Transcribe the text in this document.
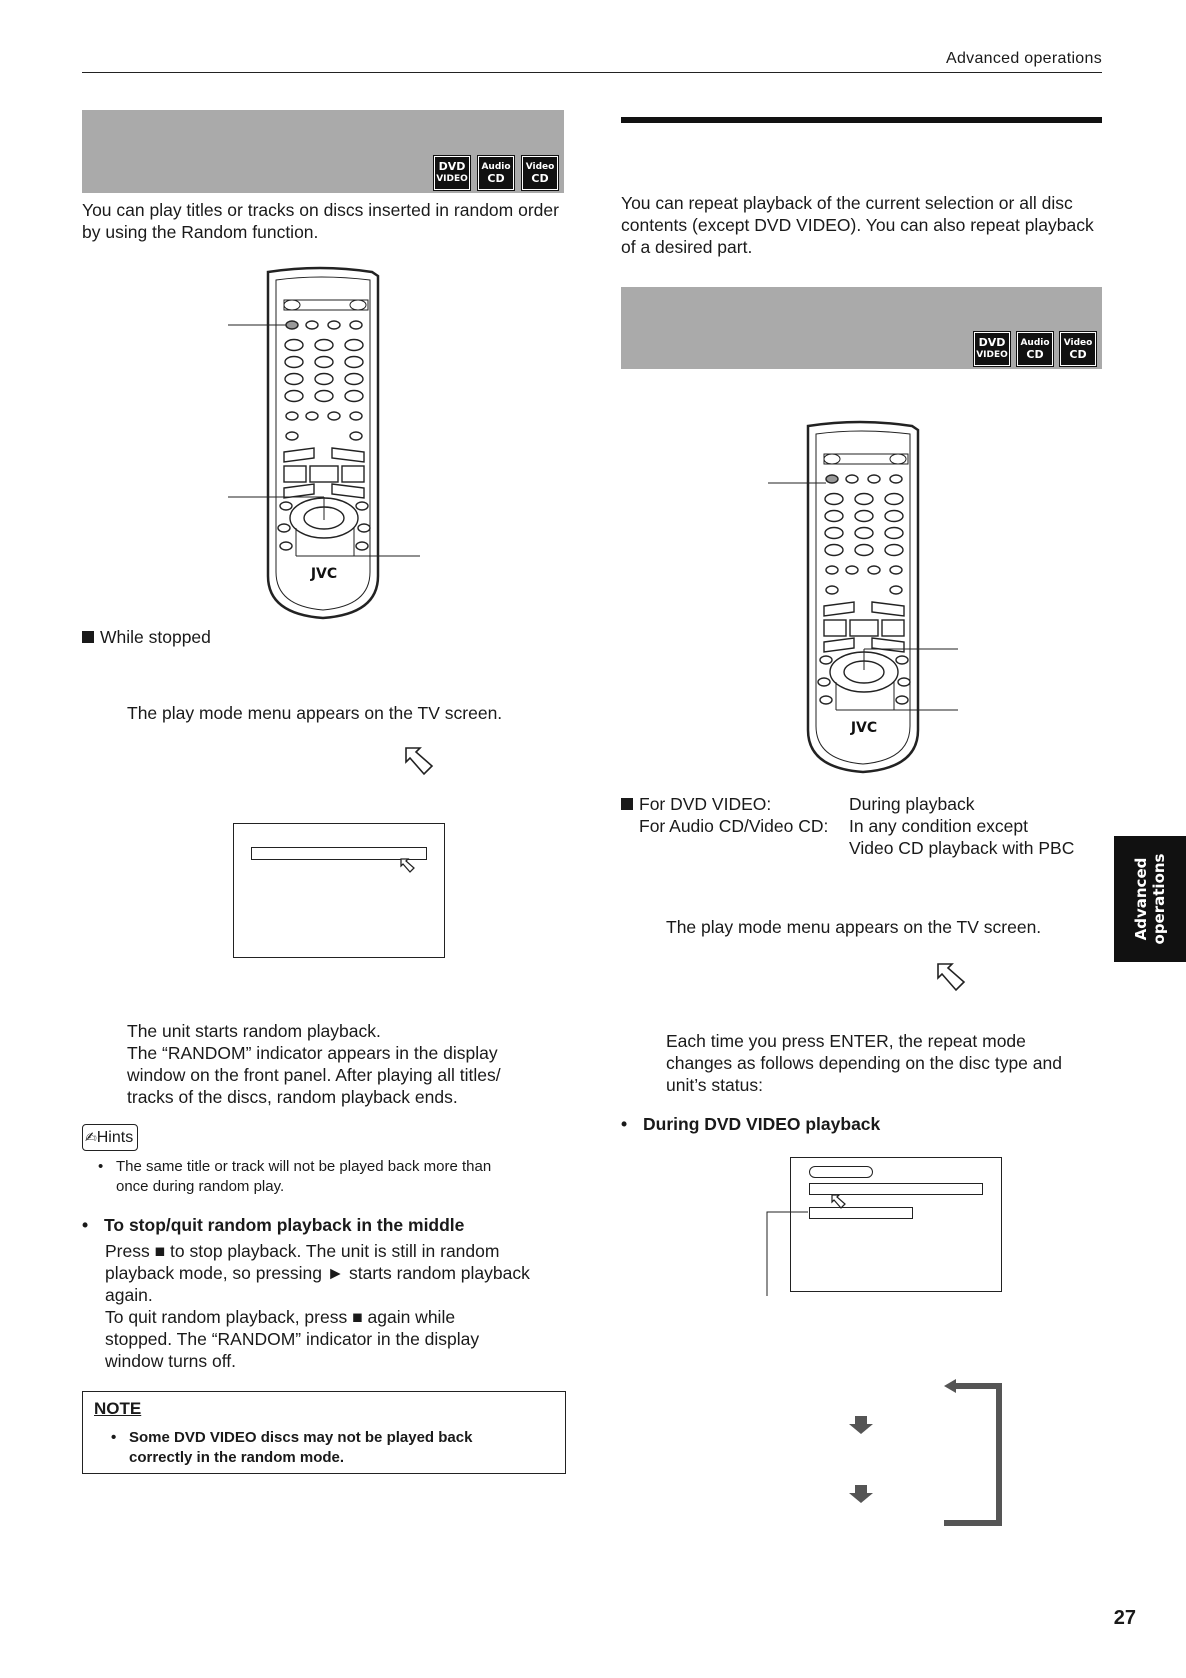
Advanced operations
DVD
VIDEO
Audio
CD
Video
CD
You can play titles or tracks on discs inserted in random order by using the Random function.
JVC
While stopped
The play mode menu appears on the TV screen.
The unit starts random playback.
The “RANDOM” indicator appears in the display
window on the front panel. After playing all titles/
tracks of the discs, random playback ends.
✍Hints
• The same title or track will not be played back more than
once during random play.
• To stop/quit random playback in the middle
Press ■ to stop playback. The unit is still in random
playback mode, so pressing ► starts random playback
again.
To quit random playback, press ■ again while
stopped. The “RANDOM” indicator in the display
window turns off.
NOTE
• Some DVD VIDEO discs may not be played back
correctly in the random mode.
You can repeat playback of the current selection or all disc
contents (except DVD VIDEO). You can also repeat playback
of a desired part.
DVD
VIDEO
Audio
CD
Video
CD
JVC
For DVD VIDEO:	During playback
For Audio CD/Video CD: In any condition except
Video CD playback with PBC
The play mode menu appears on the TV screen.
Each time you press ENTER, the repeat mode
changes as follows depending on the disc type and
unit’s status:
• During DVD VIDEO playback
Advanced operations
27
